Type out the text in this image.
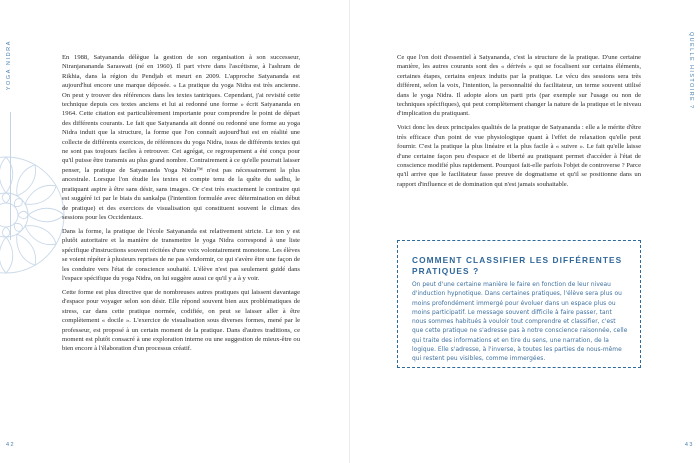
YOGA NIDRA	En 1988, Satyananda délègue la gestion de son organisation à son successeur, Niranjanananda Saraswati (né en 1960). Il part vivre dans l'ascétisme, à l'ashram de Rikhia, dans la région du Pendjab et meurt en 2009. L'approche Satyananda est aujourd'hui encore une marque déposée. « La pratique du yoga Nidra est très ancienne. On peut y trouver des références dans les textes tantriques. Cependant, j'ai revisité cette technique depuis ces textes anciens et lui ai redonné une forme » écrit Satyananda en 1964. Cette citation est particulièrement importante pour comprendre le point de départ des différents courants. Le fait que Satyananda ait donné ou redonné une forme au yoga Nidra induit que la structure, la forme que l'on connaît aujourd'hui est en réalité une collecte de différents exercices, de références du yoga Nidra, issus de différents textes qui ne sont pas toujours faciles à retrouver. Cet agrégat, ce regroupement a été conçu pour qu'il puisse être transmis au plus grand nombre. Contrairement à ce qu'elle pourrait laisser penser, la pratique de Satyananda Yoga Nidra™ n'est pas nécessairement la plus ancestrale. Lorsque l'on étudie les textes et compte tenu de la quête du sadhu, le pratiquant aspire à être sans désir, sans images. Or c'est très exactement le contraire qui est suggéré ici par le biais du sankalpa (l'intention formulée avec détermination en début de pratique) et des exercices de visualisation qui constituent souvent le climax des sessions pour les Occidentaux.

Dans la forme, la pratique de l'école Satyananda est relativement stricte. Le ton y est plutôt autoritaire et la manière de transmettre le yoga Nidra correspond à une liste spécifique d'instructions souvent récitées d'une voix volontairement monotone. Les élèves se voient répéter à plusieurs reprises de ne pas s'endormir, ce qui s'avère être une façon de les conduire vers l'état de conscience souhaité. L'élève n'est pas seulement guidé dans l'espace spécifique du yoga Nidra, on lui suggère aussi ce qu'il y a à y voir.

Cette forme est plus directive que de nombreuses autres pratiques qui laissent davantage d'espace pour voyager selon son désir. Elle répond souvent bien aux problématiques de stress, car dans cette pratique normée, codifiée, on peut se laisser aller à être complètement « docile ». L'exercice de visualisation sous diverses formes, mené par le professeur, est proposé à un certain moment de la pratique. Dans d'autres traditions, ce moment est plutôt consacré à une exploration interne ou une suggestion de mieux-être ou bien encore à l'élaboration d'un processus créatif.

42
QUELLE HISTOIRE ?
43

Ce que l'on doit d'essentiel à Satyananda, c'est la structure de la pratique. D'une certaine manière, les autres courants sont des « dérivés » qui se focalisent sur certains éléments, certaines étapes, certains enjeux induits par la pratique. Le vécu des sessions sera très différent, selon la voix, l'intention, la personnalité du facilitateur, un terme souvent utilisé dans le yoga Nidra. Il adopte alors un parti pris (par exemple sur l'usage ou non de techniques spécifiques), qui peut complètement changer la nature de la pratique et le niveau d'implication du pratiquant.

Voici donc les deux principales qualités de la pratique de Satyananda : elle a le mérite d'être très efficace d'un point de vue physiologique quant à l'effet de relaxation qu'elle peut fournir. C'est la pratique la plus linéaire et la plus facile à « suivre ». Le fait qu'elle laisse d'une certaine façon peu d'espace et de liberté au pratiquant permet d'accéder à l'état de conscience modifié plus rapidement. Pourquoi fait-elle parfois l'objet de controverse ? Parce qu'il arrive que le facilitateur fasse preuve de dogmatisme et qu'il se positionne dans un rapport d'influence et de domination qui n'est jamais souhaitable.

COMMENT CLASSIFIER LES DIFFÉRENTES PRATIQUES ?
On peut d'une certaine manière le faire en fonction de leur niveau d'induction hypnotique. Dans certaines pratiques, l'élève sera plus ou moins profondément immergé pour évoluer dans un espace plus ou moins participatif. Le message souvent difficile à faire passer, tant nous sommes habitués à vouloir tout comprendre et classifier, c'est que cette pratique ne s'adresse pas à notre conscience raisonnée, celle qui traite des informations et en tire du sens, une narration, de la logique. Elle s'adresse, à l'inverse, à toutes les parties de nous-même qui restent peu visibles, comme immergées.
